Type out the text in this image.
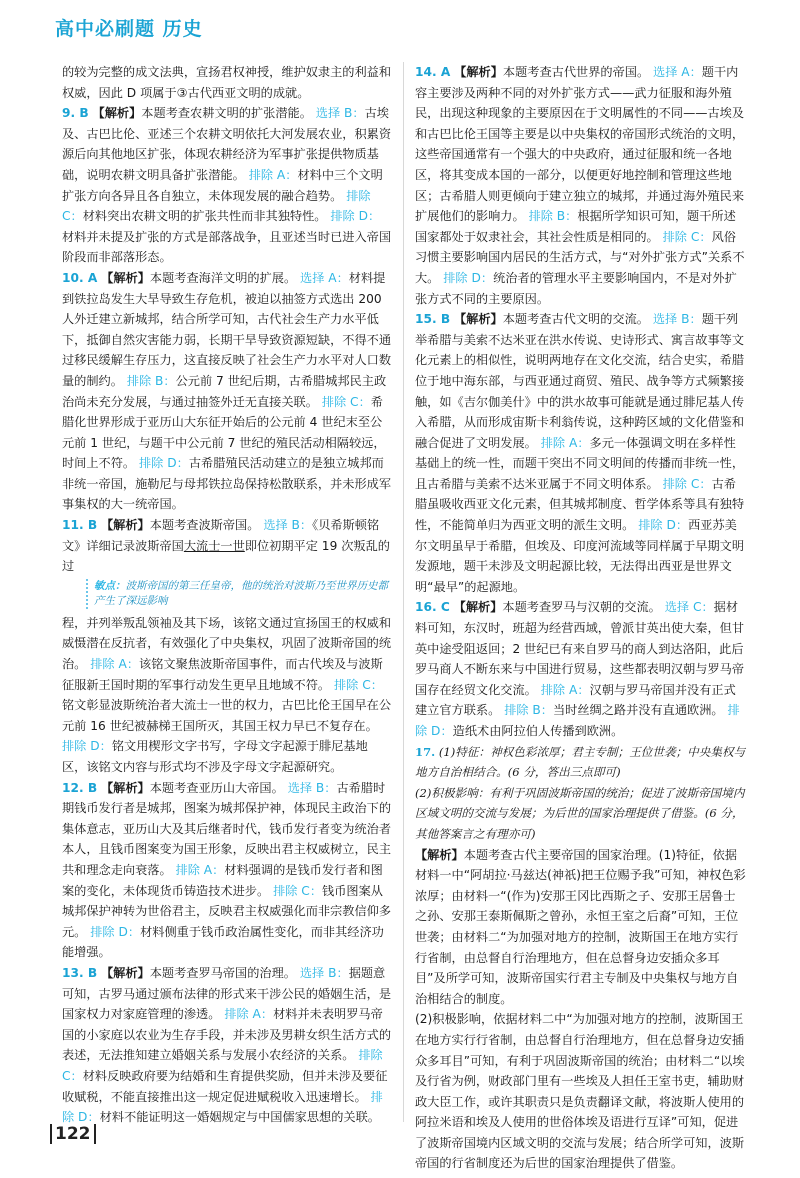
高中必刷题 历史

的较为完整的成文法典，宣扬君权神授，维护奴隶主的利益和权威，因此 D 项属于③古代西亚文明的成就。

9. B 【解析】本题考查农耕文明的扩张潜能。 选择 B：古埃及、古巴比伦、亚述三个农耕文明依托大河发展农业，积累资源后向其他地区扩张，体现农耕经济为军事扩张提供物质基础，说明农耕文明具备扩张潜能。 排除 A：材料中三个文明扩张方向各异且各自独立，未体现发展的融合趋势。 排除 C：材料突出农耕文明的扩张共性而非其独特性。 排除 D：材料并未提及扩张的方式是部落战争，且亚述当时已进入帝国阶段而非部落形态。

10. A 【解析】本题考查海洋文明的扩展。 选择 A：材料提到铁拉岛发生大旱导致生存危机，被迫以抽签方式选出 200 人外迁建立新城邦，结合所学可知，古代社会生产力水平低下，抵御自然灾害能力弱，长期干旱导致资源短缺，不得不通过移民缓解生存压力，这直接反映了社会生产力水平对人口数量的制约。 排除 B：公元前 7 世纪后期，古希腊城邦民主政治尚未充分发展，与通过抽签外迁无直接关联。 排除 C：希腊化世界形成于亚历山大东征开始后的公元前 4 世纪末至公元前 1 世纪，与题干中公元前 7 世纪的殖民活动相隔较远，时间上不符。 排除 D：古希腊殖民活动建立的是独立城邦而非统一帝国，施勒尼与母邦铁拉岛保持松散联系，并未形成军事集权的大一统帝国。

11. B 【解析】本题考查波斯帝国。 选择 B：《贝希斯顿铭文》详细记录波斯帝国大流士一世即位初期平定 19 次叛乱的过

敏点：波斯帝国的第三任皇帝，他的统治对波斯乃至世界历史都产生了深远影响

程，并列举叛乱领袖及其下场，该铭文通过宣扬国王的权威和威慑潜在反抗者，有效强化了中央集权，巩固了波斯帝国的统治。 排除 A：该铭文聚焦波斯帝国事件，而古代埃及与波斯征服新王国时期的军事行动发生更早且地域不符。 排除 C：铭文彰显波斯统治者大流士一世的权力，古巴比伦王国早在公元前 16 世纪被赫梯王国所灭，其国王权力早已不复存在。 排除 D：铭文用楔形文字书写，字母文字起源于腓尼基地区，该铭文内容与形式均不涉及字母文字起源研究。

12. B 【解析】本题考查亚历山大帝国。 选择 B：古希腊时期钱币发行者是城邦，图案为城邦保护神，体现民主政治下的集体意志，亚历山大及其后继者时代，钱币发行者变为统治者本人，且钱币图案变为国王形象，反映出君主权威树立，民主共和理念走向衰落。 排除 A：材料强调的是钱币发行者和图案的变化，未体现货币铸造技术进步。 排除 C：钱币图案从城邦保护神转为世俗君主，反映君主权威强化而非宗教信仰多元。 排除 D：材料侧重于钱币政治属性变化，而非其经济功能增强。

13. B 【解析】本题考查罗马帝国的治理。 选择 B：据题意可知，古罗马通过颁布法律的形式来干涉公民的婚姻生活，是国家权力对家庭管理的渗透。 排除 A：材料并未表明罗马帝国的小家庭以农业为生存手段，并未涉及男耕女织生活方式的表述，无法推知建立婚姻关系与发展小农经济的关系。 排除 C：材料反映政府要为结婚和生育提供奖励，但并未涉及要征收赋税，不能直接推出这一规定促进赋税收入迅速增长。 排除 D：材料不能证明这一婚姻规定与中国儒家思想的关联。

14. A 【解析】本题考查古代世界的帝国。 选择 A：题干内容主要涉及两种不同的对外扩张方式——武力征服和海外殖民，出现这种现象的主要原因在于文明属性的不同——古埃及和古巴比伦王国等主要是以中央集权的帝国形式统治的文明，这些帝国通常有一个强大的中央政府，通过征服和统一各地区，将其变成本国的一部分，以便更好地控制和管理这些地区；古希腊人则更倾向于建立独立的城邦，并通过海外殖民来扩展他们的影响力。 排除 B：根据所学知识可知，题干所述国家都处于奴隶社会，其社会性质是相同的。 排除 C：风俗习惯主要影响国内居民的生活方式，与“对外扩张方式”关系不大。 排除 D：统治者的管理水平主要影响国内，不是对外扩张方式不同的主要原因。

15. B 【解析】本题考查古代文明的交流。 选择 B：题干列举希腊与美索不达米亚在洪水传说、史诗形式、寓言故事等文化元素上的相似性，说明两地存在文化交流，结合史实，希腊位于地中海东部，与西亚通过商贸、殖民、战争等方式频繁接触，如《吉尔伽美什》中的洪水故事可能就是通过腓尼基人传入希腊，从而形成宙斯卡利翁传说，这种跨区域的文化借鉴和融合促进了文明发展。 排除 A：多元一体强调文明在多样性基础上的统一性，而题干突出不同文明间的传播而非统一性，且古希腊与美索不达米亚属于不同文明体系。 排除 C：古希腊虽吸收西亚文化元素，但其城邦制度、哲学体系等具有独特性，不能简单归为西亚文明的派生文明。 排除 D：西亚苏美尔文明虽早于希腊，但埃及、印度河流域等同样属于早期文明发源地，题干未涉及文明起源比较，无法得出西亚是世界文明“最早”的起源地。

16. C 【解析】本题考查罗马与汉朝的交流。 选择 C：据材料可知，东汉时，班超为经营西域，曾派甘英出使大秦，但甘英中途受阻返回；2 世纪已有来自罗马的商人到达洛阳，此后罗马商人不断东来与中国进行贸易，这些都表明汉朝与罗马帝国存在经贸文化交流。 排除 A：汉朝与罗马帝国并没有正式建立官方联系。 排除 B：当时丝绸之路并没有直通欧洲。 排除 D：造纸术由阿拉伯人传播到欧洲。

17. (1)特征：神权色彩浓厚；君主专制；王位世袭；中央集权与地方自治相结合。(6 分，答出三点即可)

(2)积极影响：有利于巩固波斯帝国的统治；促进了波斯帝国境内区域文明的交流与发展；为后世的国家治理提供了借鉴。(6 分，其他答案言之有理亦可)

【解析】本题考查古代主要帝国的国家治理。(1)特征，依据材料一中“阿胡拉·马兹达(神祇)把王位赐予我”可知，神权色彩浓厚；由材料一“(作为)安那王冈比西斯之子、安那王居鲁士之孙、安那王泰斯佩斯之曾孙，永恒王室之后裔”可知，王位世袭；由材料二“为加强对地方的控制，波斯国王在地方实行行省制，由总督自行治理地方，但在总督身边安插众多耳目”及所学可知，波斯帝国实行君主专制及中央集权与地方自治相结合的制度。

(2)积极影响，依据材料二中“为加强对地方的控制，波斯国王在地方实行行省制，由总督自行治理地方，但在总督身边安插众多耳目”可知，有利于巩固波斯帝国的统治；由材料二“以埃及行省为例，财政部门里有一些埃及人担任王室书吏，辅助财政大臣工作，或许其职责只是负责翻译文献，将波斯人使用的阿拉米语和埃及人使用的世俗体埃及语进行互译”可知，促进了波斯帝国境内区域文明的交流与发展；结合所学可知，波斯帝国的行省制度还为后世的国家治理提供了借鉴。

122
